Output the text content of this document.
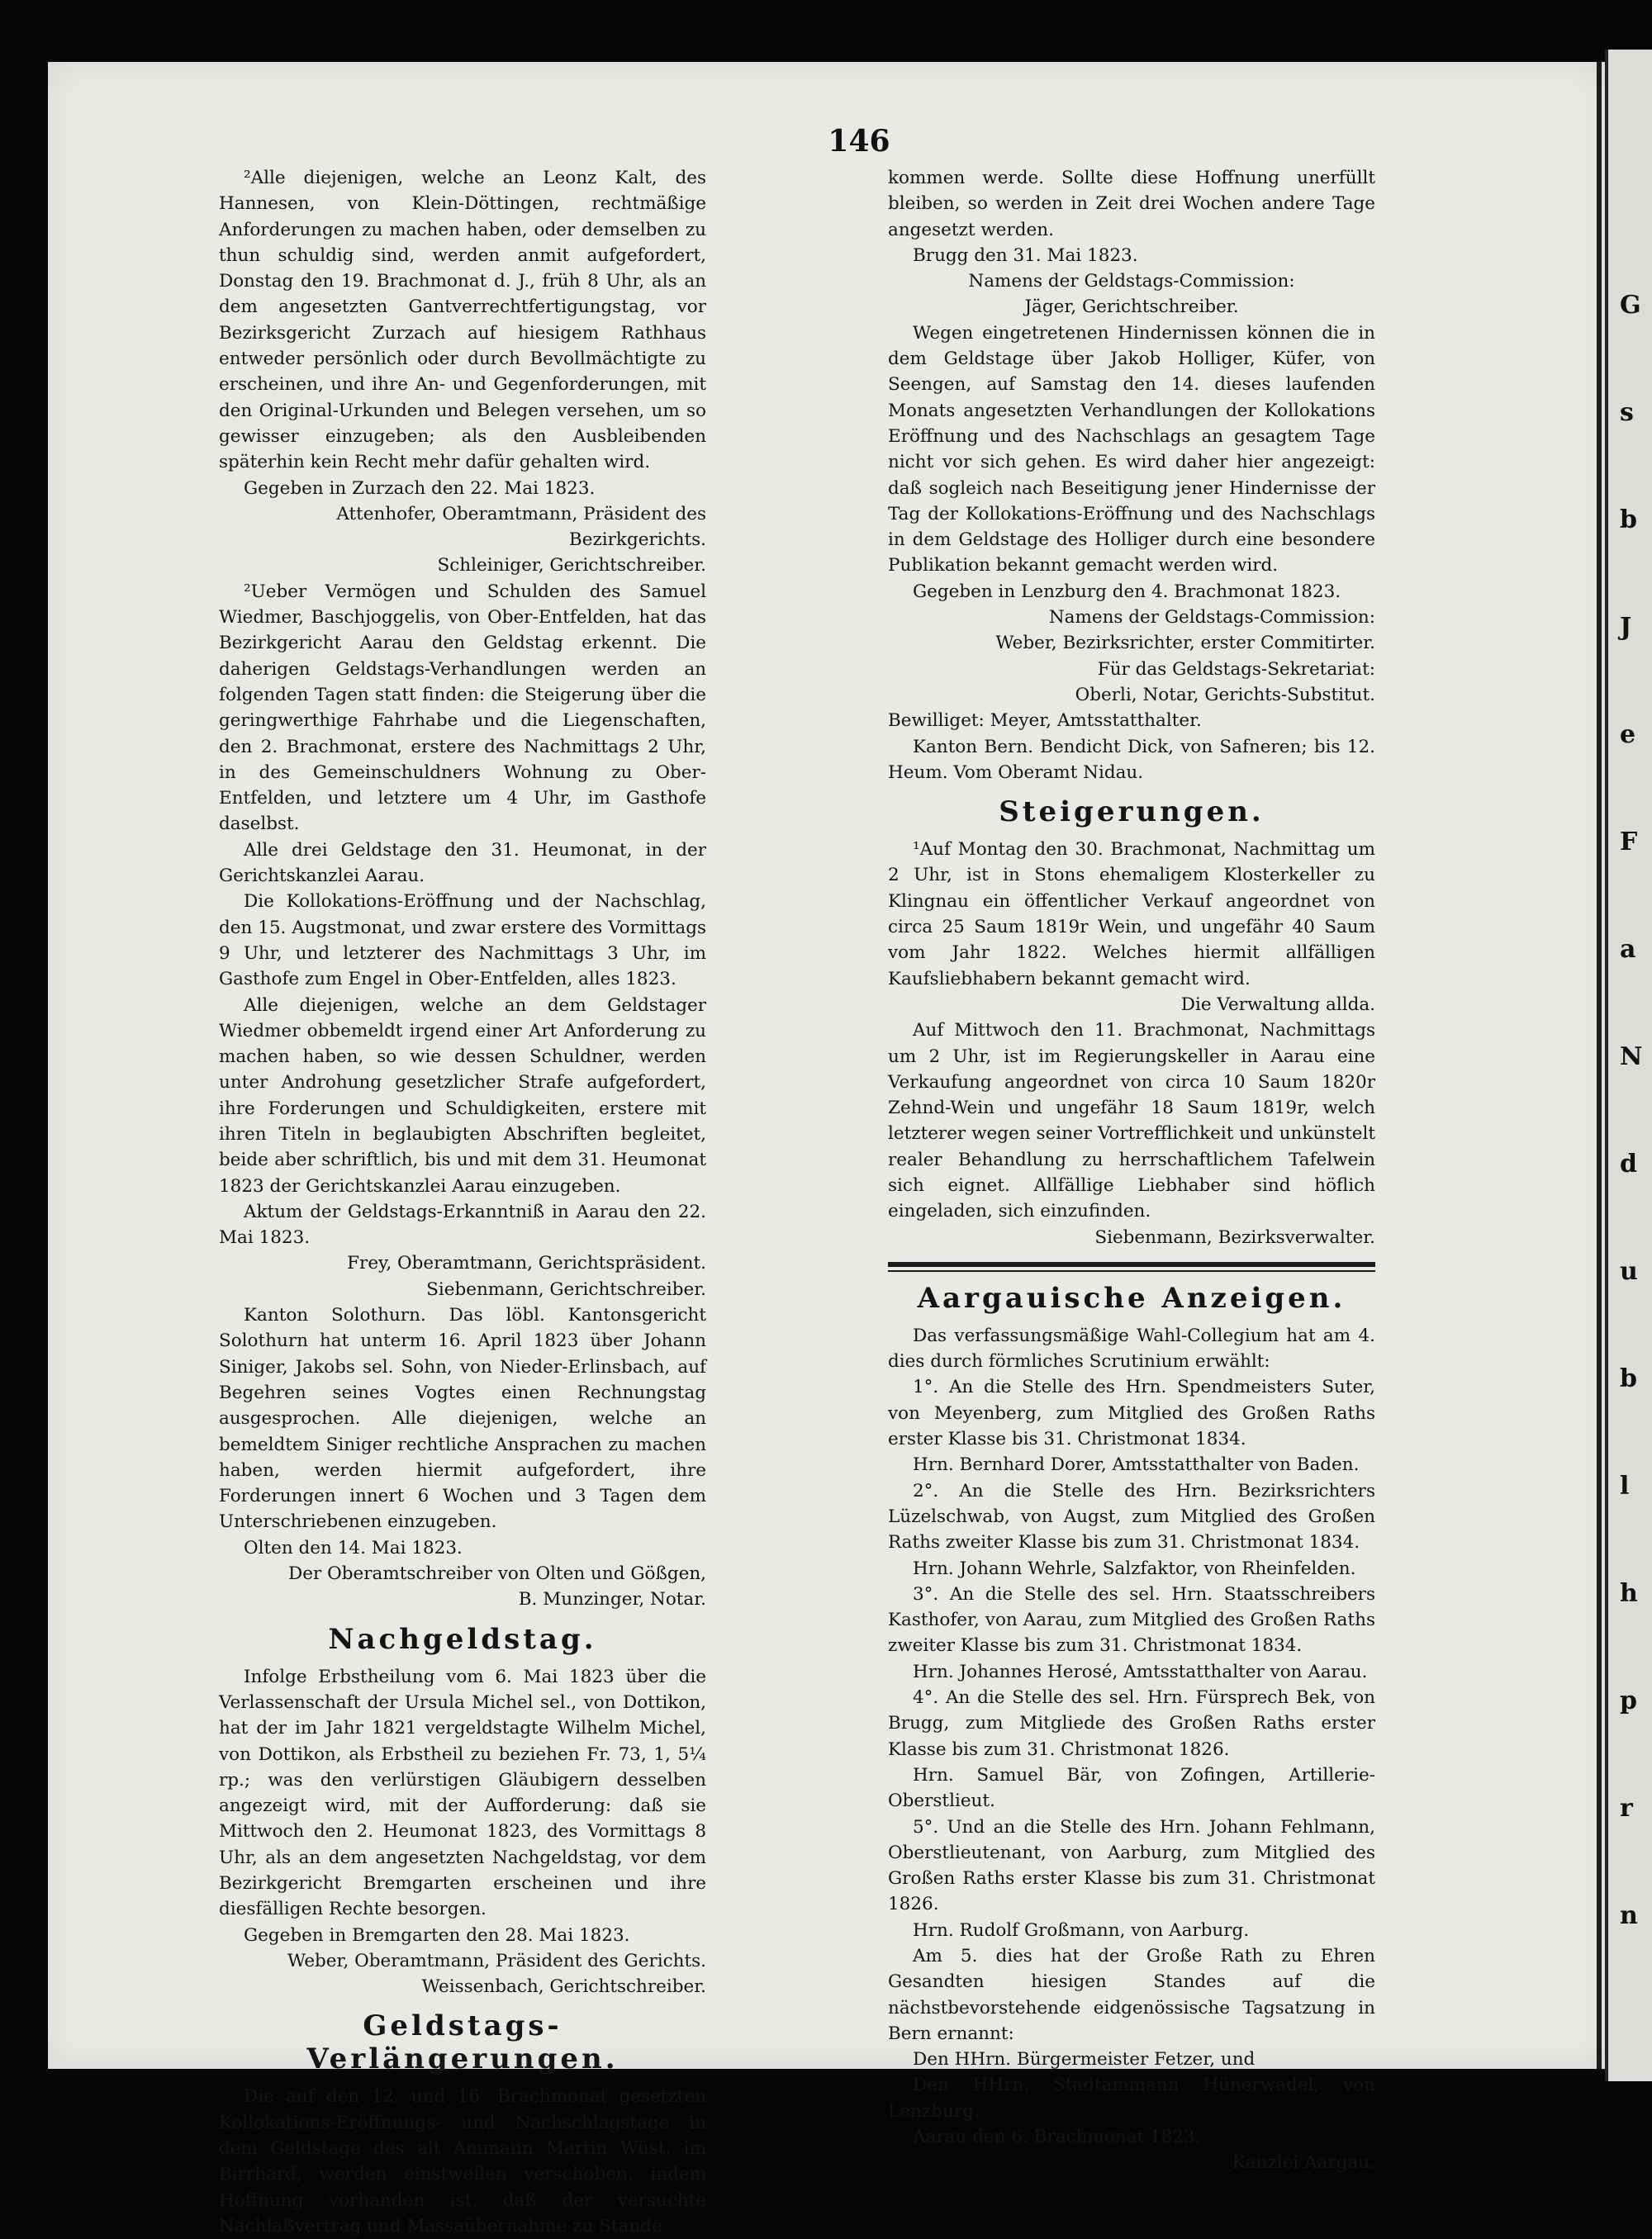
G
s
b
J
e
F
a
N
d
u
b
l
h
p
r
n
146

²Alle diejenigen, welche an Leonz Kalt, des Hannesen, von Klein-Döttingen, rechtmäßige Anforderungen zu machen haben, oder demselben zu thun schuldig sind, werden anmit aufgefordert, Donstag den 19. Brachmonat d. J., früh 8 Uhr, als an dem angesetzten Gantverrechtfertigungstag, vor Bezirksgericht Zurzach auf hiesigem Rathhaus entweder persönlich oder durch Bevollmächtigte zu erscheinen, und ihre An- und Gegenforderungen, mit den Original-Urkunden und Belegen versehen, um so gewisser einzugeben; als den Ausbleibenden späterhin kein Recht mehr dafür gehalten wird.

Gegeben in Zurzach den 22. Mai 1823.

Attenhofer, Oberamtmann, Präsident des Bezirkgerichts.

Schleiniger, Gerichtschreiber.

²Ueber Vermögen und Schulden des Samuel Wiedmer, Baschjoggelis, von Ober-Entfelden, hat das Bezirkgericht Aarau den Geldstag erkennt. Die daherigen Geldstags-Verhandlungen werden an folgenden Tagen statt finden: die Steigerung über die geringwerthige Fahrhabe und die Liegenschaften, den 2. Brachmonat, erstere des Nachmittags 2 Uhr, in des Gemeinschuldners Wohnung zu Ober-Entfelden, und letztere um 4 Uhr, im Gasthofe daselbst.

Alle drei Geldstage den 31. Heumonat, in der Gerichtskanzlei Aarau.

Die Kollokations-Eröffnung und der Nachschlag, den 15. Augstmonat, und zwar erstere des Vormittags 9 Uhr, und letzterer des Nachmittags 3 Uhr, im Gasthofe zum Engel in Ober-Entfelden, alles 1823.

Alle diejenigen, welche an dem Geldstager Wiedmer obbemeldt irgend einer Art Anforderung zu machen haben, so wie dessen Schuldner, werden unter Androhung gesetzlicher Strafe aufgefordert, ihre Forderungen und Schuldigkeiten, erstere mit ihren Titeln in beglaubigten Abschriften begleitet, beide aber schriftlich, bis und mit dem 31. Heumonat 1823 der Gerichtskanzlei Aarau einzugeben.

Aktum der Geldstags-Erkanntniß in Aarau den 22. Mai 1823.

Frey, Oberamtmann, Gerichtspräsident.

Siebenmann, Gerichtschreiber.

Kanton Solothurn. Das löbl. Kantonsgericht Solothurn hat unterm 16. April 1823 über Johann Siniger, Jakobs sel. Sohn, von Nieder-Erlinsbach, auf Begehren seines Vogtes einen Rechnungstag ausgesprochen. Alle diejenigen, welche an bemeldtem Siniger rechtliche Ansprachen zu machen haben, werden hiermit aufgefordert, ihre Forderungen innert 6 Wochen und 3 Tagen dem Unterschriebenen einzugeben.

Olten den 14. Mai 1823.

Der Oberamtschreiber von Olten und Gößgen,

B. Munzinger, Notar.

Nachgeldstag.

Infolge Erbstheilung vom 6. Mai 1823 über die Verlassenschaft der Ursula Michel sel., von Dottikon, hat der im Jahr 1821 vergeldstagte Wilhelm Michel, von Dottikon, als Erbstheil zu beziehen Fr. 73, 1, 5¼ rp.; was den verlürstigen Gläubigern desselben angezeigt wird, mit der Aufforderung: daß sie Mittwoch den 2. Heumonat 1823, des Vormittags 8 Uhr, als an dem angesetzten Nachgeldstag, vor dem Bezirkgericht Bremgarten erscheinen und ihre diesfälligen Rechte besorgen.

Gegeben in Bremgarten den 28. Mai 1823.

Weber, Oberamtmann, Präsident des Gerichts.

Weissenbach, Gerichtschreiber.

Geldstags-Verlängerungen.

Die auf den 12. und 16. Brachmonat gesetzten Kollokations-Eröffnungs- und Nachschlagstage in dem Geldstage des alt Ammann Martin Wüst, im Birrhard, werden einstweilen verschoben, indem Hoffnung vorhanden ist, daß der versuchte Nachlaßvertrag und Massaübernahme zu Stande

kommen werde. Sollte diese Hoffnung unerfüllt bleiben, so werden in Zeit drei Wochen andere Tage angesetzt werden.

Brugg den 31. Mai 1823.

Namens der Geldstags-Commission:

Jäger, Gerichtschreiber.

Wegen eingetretenen Hindernissen können die in dem Geldstage über Jakob Holliger, Küfer, von Seengen, auf Samstag den 14. dieses laufenden Monats angesetzten Verhandlungen der Kollokations Eröffnung und des Nachschlags an gesagtem Tage nicht vor sich gehen. Es wird daher hier angezeigt: daß sogleich nach Beseitigung jener Hindernisse der Tag der Kollokations-Eröffnung und des Nachschlags in dem Geldstage des Holliger durch eine besondere Publikation bekannt gemacht werden wird.

Gegeben in Lenzburg den 4. Brachmonat 1823.

Namens der Geldstags-Commission:

Weber, Bezirksrichter, erster Commitirter.

Für das Geldstags-Sekretariat:

Oberli, Notar, Gerichts-Substitut.

Bewilliget: Meyer, Amtsstatthalter.

Kanton Bern. Bendicht Dick, von Safneren; bis 12. Heum. Vom Oberamt Nidau.

Steigerungen.

¹Auf Montag den 30. Brachmonat, Nachmittag um 2 Uhr, ist in Stons ehemaligem Klosterkeller zu Klingnau ein öffentlicher Verkauf angeordnet von circa 25 Saum 1819r Wein, und ungefähr 40 Saum vom Jahr 1822. Welches hiermit allfälligen Kaufsliebhabern bekannt gemacht wird.

Die Verwaltung allda.

Auf Mittwoch den 11. Brachmonat, Nachmittags um 2 Uhr, ist im Regierungskeller in Aarau eine Verkaufung angeordnet von circa 10 Saum 1820r Zehnd-Wein und ungefähr 18 Saum 1819r, welch letzterer wegen seiner Vortrefflichkeit und unkünstelt realer Behandlung zu herrschaftlichem Tafelwein sich eignet. Allfällige Liebhaber sind höflich eingeladen, sich einzufinden.

Siebenmann, Bezirksverwalter.

Aargauische Anzeigen.

Das verfassungsmäßige Wahl-Collegium hat am 4. dies durch förmliches Scrutinium erwählt:

1°. An die Stelle des Hrn. Spendmeisters Suter, von Meyenberg, zum Mitglied des Großen Raths erster Klasse bis 31. Christmonat 1834.

Hrn. Bernhard Dorer, Amtsstatthalter von Baden.

2°. An die Stelle des Hrn. Bezirksrichters Lüzelschwab, von Augst, zum Mitglied des Großen Raths zweiter Klasse bis zum 31. Christmonat 1834.

Hrn. Johann Wehrle, Salzfaktor, von Rheinfelden.

3°. An die Stelle des sel. Hrn. Staatsschreibers Kasthofer, von Aarau, zum Mitglied des Großen Raths zweiter Klasse bis zum 31. Christmonat 1834.

Hrn. Johannes Herosé, Amtsstatthalter von Aarau.

4°. An die Stelle des sel. Hrn. Fürsprech Bek, von Brugg, zum Mitgliede des Großen Raths erster Klasse bis zum 31. Christmonat 1826.

Hrn. Samuel Bär, von Zofingen, Artillerie-Oberstlieut.

5°. Und an die Stelle des Hrn. Johann Fehlmann, Oberstlieutenant, von Aarburg, zum Mitglied des Großen Raths erster Klasse bis zum 31. Christmonat 1826.

Hrn. Rudolf Großmann, von Aarburg.

Am 5. dies hat der Große Rath zu Ehren Gesandten hiesigen Standes auf die nächstbevorstehende eidgenössische Tagsatzung in Bern ernannt:

Den HHrn. Bürgermeister Fetzer, und

Den HHrn. Stadtammann Hünerwadel, von Lenzburg.

Aarau den 6. Brachmonat 1823.

Kanzlei Aargau.
